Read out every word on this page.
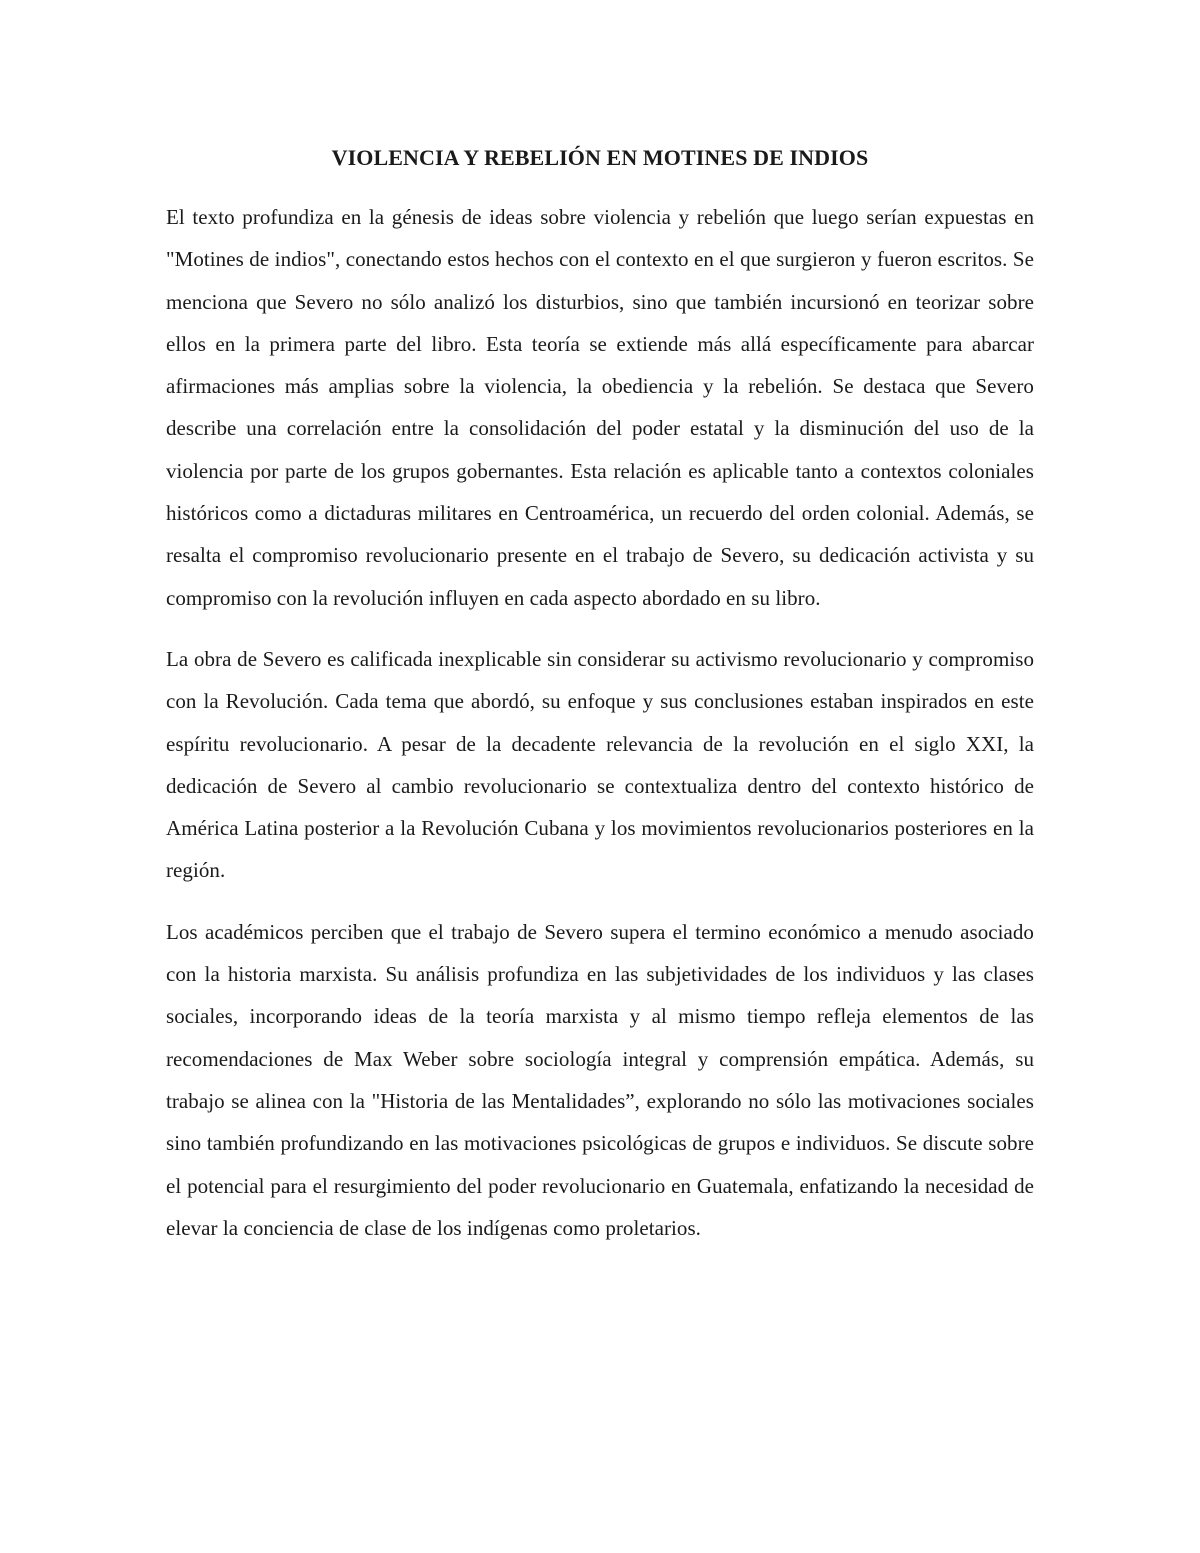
VIOLENCIA Y REBELIÓN EN MOTINES DE INDIOS

El texto profundiza en la génesis de ideas sobre violencia y rebelión que luego serían expuestas en "Motines de indios", conectando estos hechos con el contexto en el que surgieron y fueron escritos. Se menciona que Severo no sólo analizó los disturbios, sino que también incursionó en teorizar sobre ellos en la primera parte del libro. Esta teoría se extiende más allá específicamente para abarcar afirmaciones más amplias sobre la violencia, la obediencia y la rebelión. Se destaca que Severo describe una correlación entre la consolidación del poder estatal y la disminución del uso de la violencia por parte de los grupos gobernantes. Esta relación es aplicable tanto a contextos coloniales históricos como a dictaduras militares en Centroamérica, un recuerdo del orden colonial. Además, se resalta el compromiso revolucionario presente en el trabajo de Severo, su dedicación activista y su compromiso con la revolución influyen en cada aspecto abordado en su libro.

La obra de Severo es calificada inexplicable sin considerar su activismo revolucionario y compromiso con la Revolución. Cada tema que abordó, su enfoque y sus conclusiones estaban inspirados en este espíritu revolucionario. A pesar de la decadente relevancia de la revolución en el siglo XXI, la dedicación de Severo al cambio revolucionario se contextualiza dentro del contexto histórico de América Latina posterior a la Revolución Cubana y los movimientos revolucionarios posteriores en la región.

Los académicos perciben que el trabajo de Severo supera el termino económico a menudo asociado con la historia marxista. Su análisis profundiza en las subjetividades de los individuos y las clases sociales, incorporando ideas de la teoría marxista y al mismo tiempo refleja elementos de las recomendaciones de Max Weber sobre sociología integral y comprensión empática. Además, su trabajo se alinea con la "Historia de las Mentalidades”, explorando no sólo las motivaciones sociales sino también profundizando en las motivaciones psicológicas de grupos e individuos. Se discute sobre el potencial para el resurgimiento del poder revolucionario en Guatemala, enfatizando la necesidad de elevar la conciencia de clase de los indígenas como proletarios.
